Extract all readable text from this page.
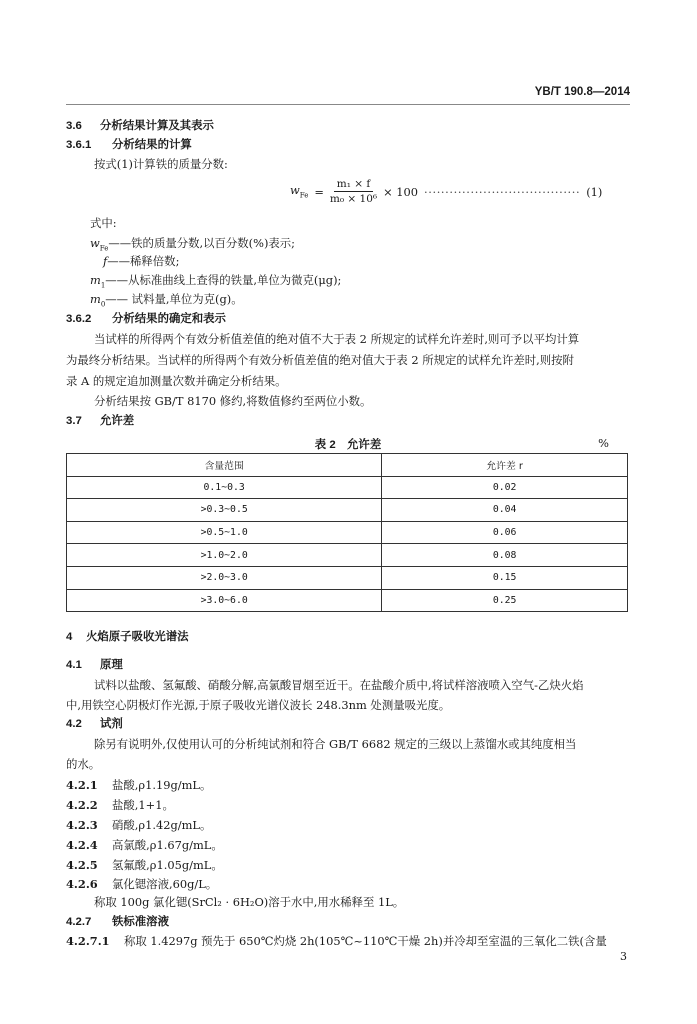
YB/T 190.8—2014
3.6 分析结果计算及其表示
3.6.1 分析结果的计算
按式(1)计算铁的质量分数:
$w_{Fe} = \frac{\text{m₁ × f}}{\text{m₀ × 10⁶}} \times 100$ ····································· (1)
式中:
$w_{Fe}——$铁的质量分数,以百分数(%)表示;
f——稀释倍数;
$m_1——$从标准曲线上查得的铁量,单位为微克(μg);
$m_0——$ 试料量,单位为克(g)。
3.6.2 分析结果的确定和表示
当试样的所得两个有效分析值差值的绝对值不大于表 2 所规定的试样允许差时,则可予以平均计算
为最终分析结果。当试样的所得两个有效分析值差值的绝对值大于表 2 所规定的试样允许差时,则按附
录 A 的规定追加测量次数并确定分析结果。
分析结果按 GB/T 8170 修约,将数值修约至两位小数。
3.7 允许差
表 2　允许差	%
含量范围	允许差 r
0.1~0.3	0.02
>0.3~0.5	0.04
>0.5~1.0	0.06
>1.0~2.0	0.08
>2.0~3.0	0.15
>3.0~6.0	0.25
4 火焰原子吸收光谱法
4.1 原理
试料以盐酸、氢氟酸、硝酸分解,高氯酸冒烟至近干。在盐酸介质中,将试样溶液喷入空气-乙炔火焰
中,用铁空心阴极灯作光源,于原子吸收光谱仪波长 248.3nm 处测量吸光度。
4.2 试剂
除另有说明外,仅使用认可的分析纯试剂和符合 GB/T 6682 规定的三级以上蒸馏水或其纯度相当
的水。
4.2.1 盐酸,ρ1.19g/mL。
4.2.2 盐酸,1+1。
4.2.3 硝酸,ρ1.42g/mL。
4.2.4 高氯酸,ρ1.67g/mL。
4.2.5 氢氟酸,ρ1.05g/mL。
4.2.6 氯化锶溶液,60g/L。
称取 100g 氯化锶(SrCl₂ · 6H₂O)溶于水中,用水稀释至 1L。
4.2.7 铁标准溶液
4.2.7.1 称取 1.4297g 预先于 650℃灼烧 2h(105℃~110℃干燥 2h)并冷却至室温的三氧化二铁(含量
3
